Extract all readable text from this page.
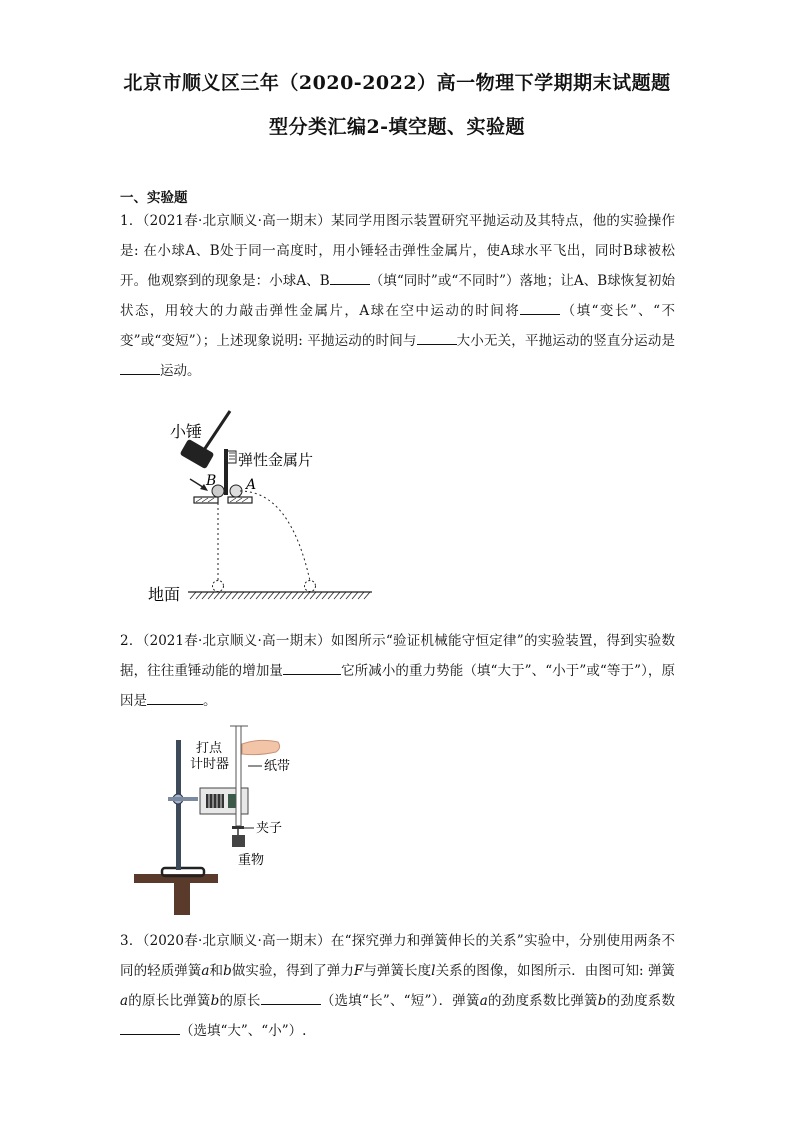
北京市顺义区三年（2020-2022）高一物理下学期期末试题题
型分类汇编2-填空题、实验题
一、实验题
1．（2021春·北京顺义·高一期末）某同学用图示装置研究平抛运动及其特点，他的实验操作是: 在小球A、B处于同一高度时，用小锤轻击弹性金属片，使A球水平飞出，同时B球被松开。他观察到的现象是：小球A、B	（填“同时”或“不同时”）落地；让A、B球恢复初始状态，用较大的力敲击弹性金属片，A球在空中运动的时间将	（填“变长”、“不变”或“变短”）；上述现象说明: 平抛运动的时间与	大小无关，平抛运动的竖直分运动是运动。
小锤
弹性金属片
B A
地面
2．（2021春·北京顺义·高一期末）如图所示“验证机械能守恒定律”的实验装置，得到实验数据，往往重锤动能的增加量	它所减小的重力势能（填“大于”、“小于”或“等于”），原因是	。
打点
计时器	纸带
夹子
重物
3．（2020春·北京顺义·高一期末）在“探究弹力和弹簧伸长的关系”实验中，分别使用两条不同的轻质弹簧a和b做实验，得到了弹力F与弹簧长度l关系的图像，如图所示．由图可知: 弹簧a的原长比弹簧b的原长	（选填“长”、“短”）．弹簧a的劲度系数比弹簧b的劲度系数（选填“大”、“小”）.
